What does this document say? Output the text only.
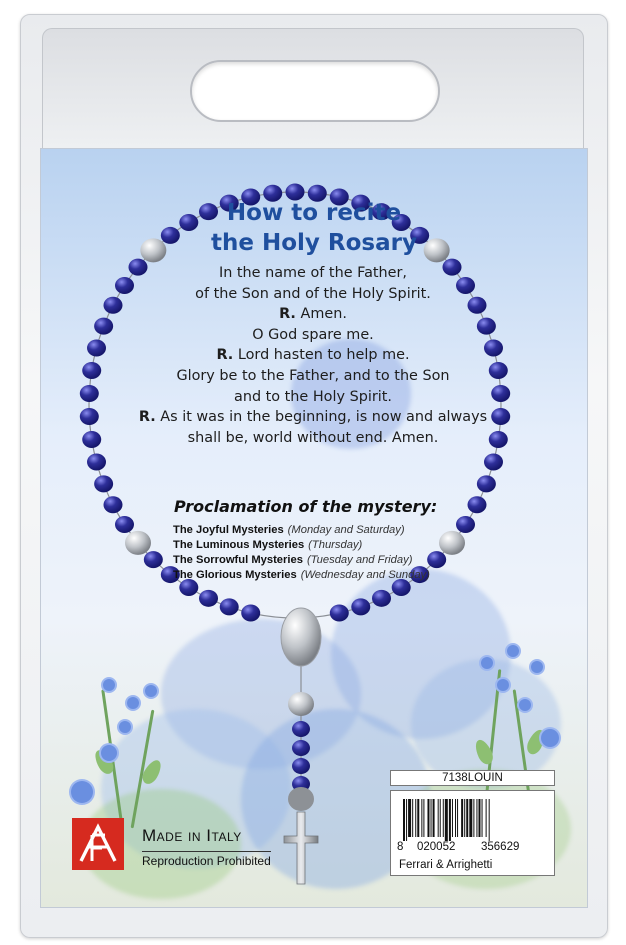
How to recite
the Holy Rosary
In the name of the Father,
of the Son and of the Holy Spirit.
R. Amen.
O God spare me.
R. Lord hasten to help me.
Glory be to the Father, and to the Son
and to the Holy Spirit.
R. As it was in the beginning, is now and always
shall be, world without end. Amen.
Proclamation of the mystery:
The Joyful Mysteries (Monday and Saturday)
The Luminous Mysteries (Thursday)
The Sorrowful Mysteries (Tuesday and Friday)
The Glorious Mysteries (Wednesday and Sunday)
Made in Italy
Reproduction Prohibited
7138LOUIN
8 020052 356629
Ferrari & Arrighetti
